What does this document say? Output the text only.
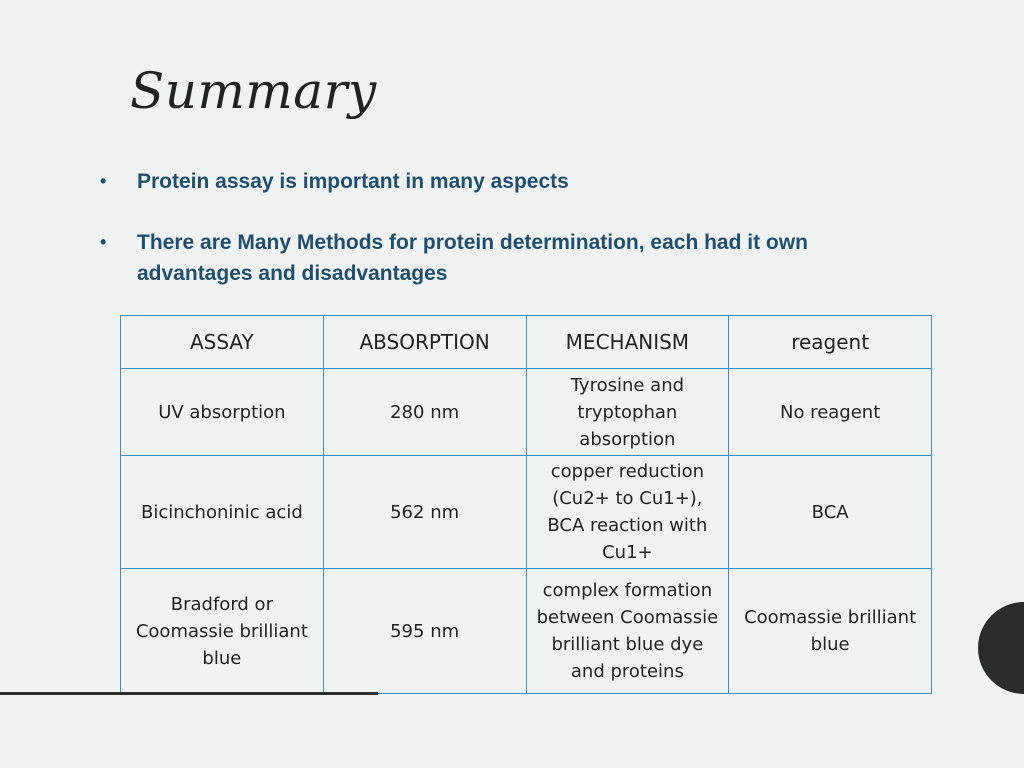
Summary
•	Protein assay is important in many aspects
•	There are Many Methods for protein determination, each had it own advantages and disadvantages
ASSAY	ABSORPTION	MECHANISM	reagent
UV absorption	280 nm	Tyrosine and tryptophan absorption	No reagent
Bicinchoninic acid	562 nm	copper reduction (Cu2+ to Cu1+), BCA reaction with Cu1+	BCA
Bradford or Coomassie brilliant blue	595 nm	complex formation between Coomassie brilliant blue dye and proteins	Coomassie brilliant blue
